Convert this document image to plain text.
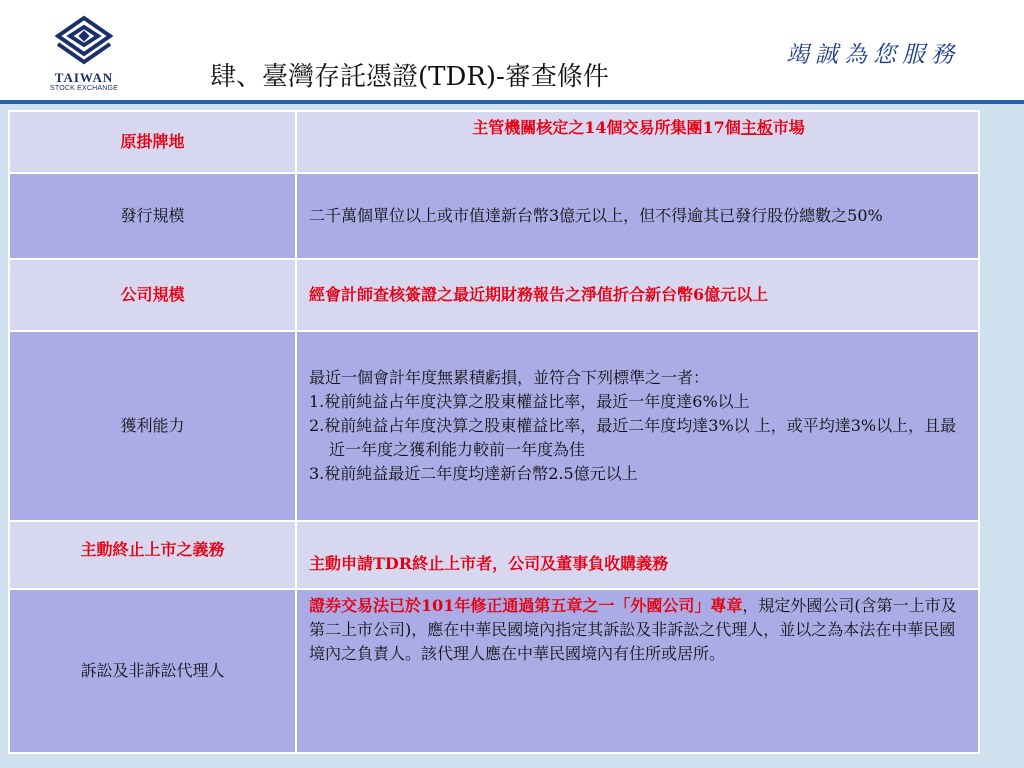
TAIWAN
STOCK EXCHANGE	肆、臺灣存託憑證(TDR)-審查條件
竭誠為您服務
原掛牌地	主管機關核定之14個交易所集團17個主板市場
發行規模	二千萬個單位以上或市值達新台幣3億元以上，但不得逾其已發行股份總數之50%
公司規模	經會計師查核簽證之最近期財務報告之淨值折合新台幣6億元以上
獲利能力	最近一個會計年度無累積虧損，並符合下列標準之一者：
1.稅前純益占年度決算之股東權益比率，最近一年度達6%以上
2.稅前純益占年度決算之股東權益比率，最近二年度均達3%以 上，或平均達3%以上，且最近一年度之獲利能力較前一年度為佳
3.稅前純益最近二年度均達新台幣2.5億元以上

主動終止上市之義務	主動申請TDR終止上市者，公司及董事負收購義務
訴訟及非訴訟代理人	證券交易法已於101年修正通過第五章之一「外國公司」專章，規定外國公司(含第一上市及第二上市公司)，應在中華民國境內指定其訴訟及非訴訟之代理人，並以之為本法在中華民國境內之負責人。該代理人應在中華民國境內有住所或居所。
